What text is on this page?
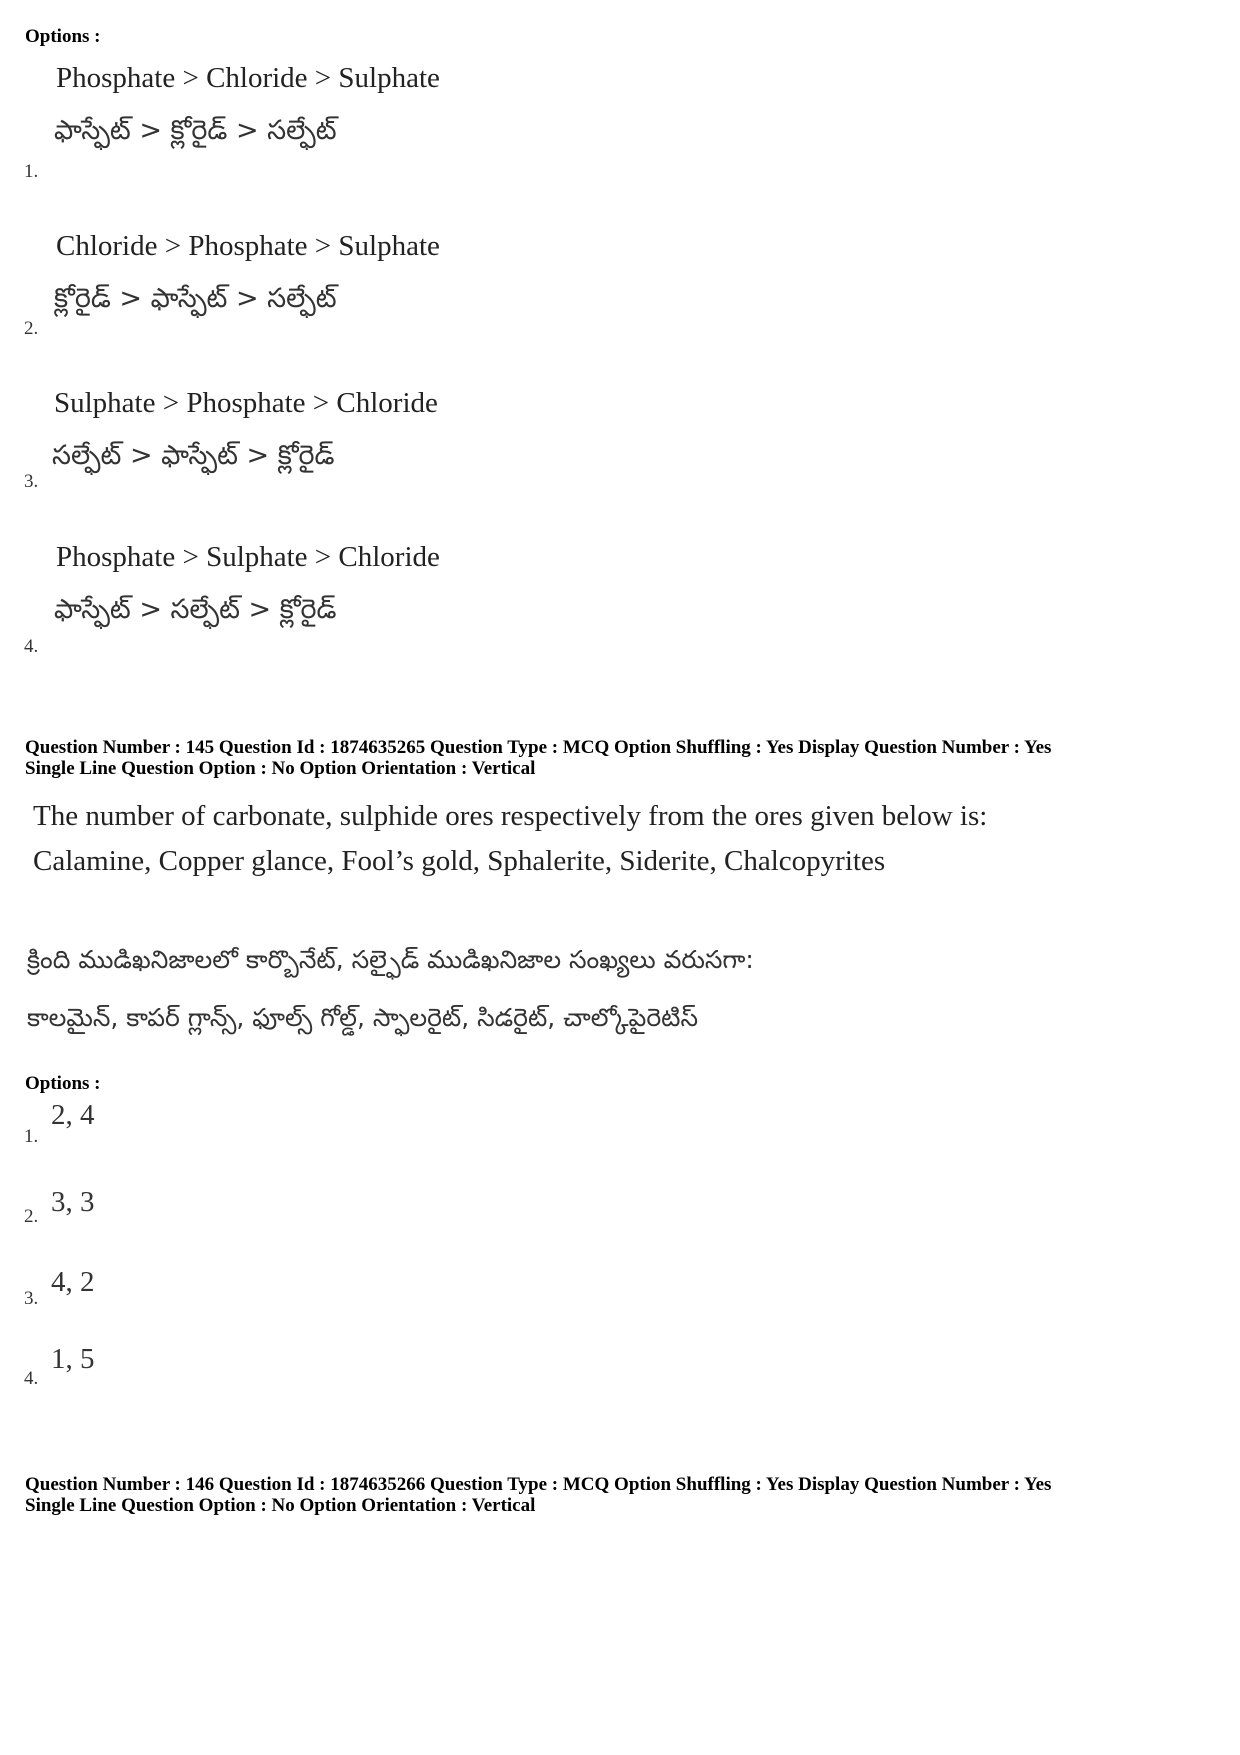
Options :
Phosphate > Chloride > Sulphate
ఫాస్ఫేట్ > క్లోరైడ్ > సల్ఫేట్
1.
Chloride > Phosphate > Sulphate
క్లోరైడ్ > ఫాస్ఫేట్ > సల్ఫేట్
2.
Sulphate > Phosphate > Chloride
సల్ఫేట్ > ఫాస్ఫేట్ > క్లోరైడ్
3.
Phosphate > Sulphate > Chloride
ఫాస్ఫేట్ > సల్ఫేట్ > క్లోరైడ్
4.
Question Number : 145 Question Id : 1874635265 Question Type : MCQ Option Shuffling : Yes Display Question Number : Yes
Single Line Question Option : No Option Orientation : Vertical
The number of carbonate, sulphide ores respectively from the ores given below is:
Calamine, Copper glance, Fool’s gold, Sphalerite, Siderite, Chalcopyrites
క్రింది ముడిఖనిజాలలో కార్బొనేట్, సల్ఫైడ్ ముడిఖనిజాల సంఖ్యలు వరుసగా:
కాలమైన్, కాపర్ గ్లాన్స్, ఫూల్స్ గోల్డ్, స్ఫాలరైట్, సిడరైట్, చాల్కోపైరెటిస్
Options :
1.
2, 4
2. 3, 3
3.
4, 2
4.
1, 5
Question Number : 146 Question Id : 1874635266 Question Type : MCQ Option Shuffling : Yes Display Question Number : Yes
Single Line Question Option : No Option Orientation : Vertical
